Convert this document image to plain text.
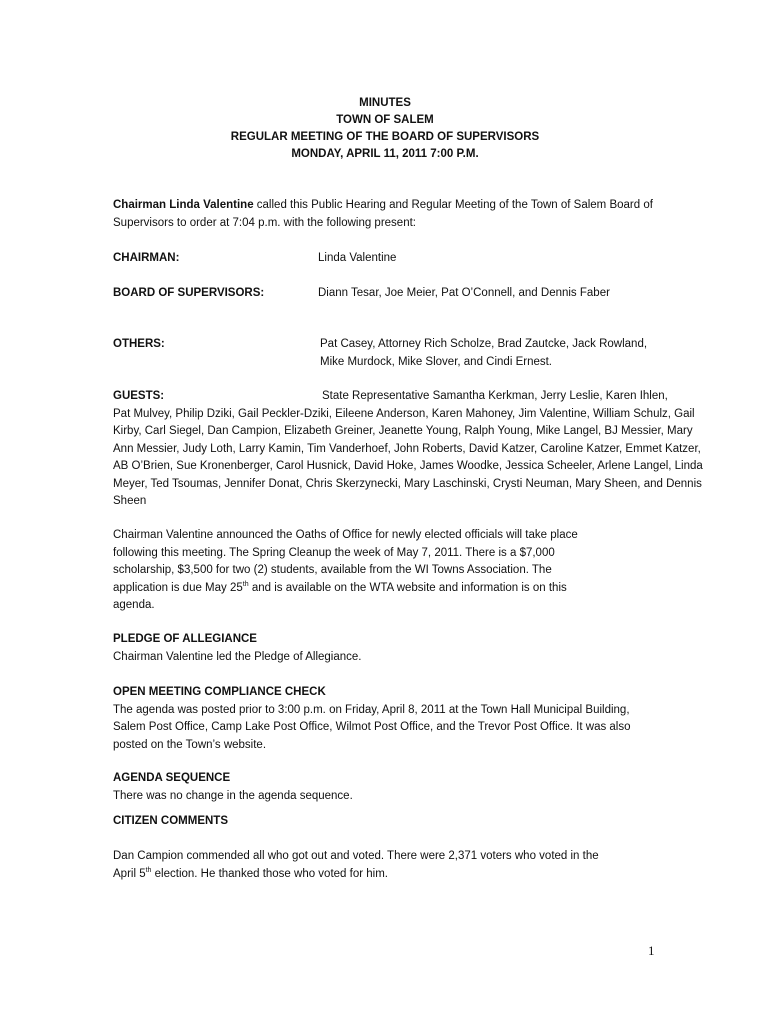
MINUTES
TOWN OF SALEM
REGULAR MEETING OF THE BOARD OF SUPERVISORS
MONDAY, APRIL 11, 2011 7:00 P.M.
Chairman Linda Valentine called this Public Hearing and Regular Meeting of the Town of Salem Board of Supervisors to order at 7:04 p.m. with the following present:
CHAIRMAN:	Linda Valentine
BOARD OF SUPERVISORS:	Diann Tesar, Joe Meier, Pat O’Connell, and Dennis Faber
OTHERS:	Pat Casey, Attorney Rich Scholze, Brad Zautcke, Jack Rowland,
Mike Murdock, Mike Slover, and Cindi Ernest.
GUESTS:	State Representative Samantha Kerkman, Jerry Leslie, Karen Ihlen,
Pat Mulvey, Philip Dziki, Gail Peckler-Dziki, Eileene Anderson, Karen Mahoney, Jim Valentine, William Schulz, Gail Kirby, Carl Siegel, Dan Campion, Elizabeth Greiner, Jeanette Young, Ralph Young, Mike Langel, BJ Messier, Mary Ann Messier, Judy Loth, Larry Kamin, Tim Vanderhoef, John Roberts, David Katzer, Caroline Katzer, Emmet Katzer, AB O’Brien, Sue Kronenberger, Carol Husnick, David Hoke, James Woodke, Jessica Scheeler, Arlene Langel, Linda Meyer, Ted Tsoumas, Jennifer Donat, Chris Skerzynecki, Mary Laschinski, Crysti Neuman, Mary Sheen, and Dennis Sheen

Chairman Valentine announced the Oaths of Office for newly elected officials will take place

following this meeting. The Spring Cleanup the week of May 7, 2011. There is a $7,000

scholarship, $3,500 for two (2) students, available from the WI Towns Association. The

application is due May 25th and is available on the WTA website and information is on this

agenda.

PLEDGE OF ALLEGIANCE

Chairman Valentine led the Pledge of Allegiance.

OPEN MEETING COMPLIANCE CHECK

The agenda was posted prior to 3:00 p.m. on Friday, April 8, 2011 at the Town Hall Municipal Building,

Salem Post Office, Camp Lake Post Office, Wilmot Post Office, and the Trevor Post Office. It was also

posted on the Town’s website.

AGENDA SEQUENCE

There was no change in the agenda sequence.

CITIZEN COMMENTS

Dan Campion commended all who got out and voted. There were 2,371 voters who voted in the

April 5th election. He thanked those who voted for him.

1
